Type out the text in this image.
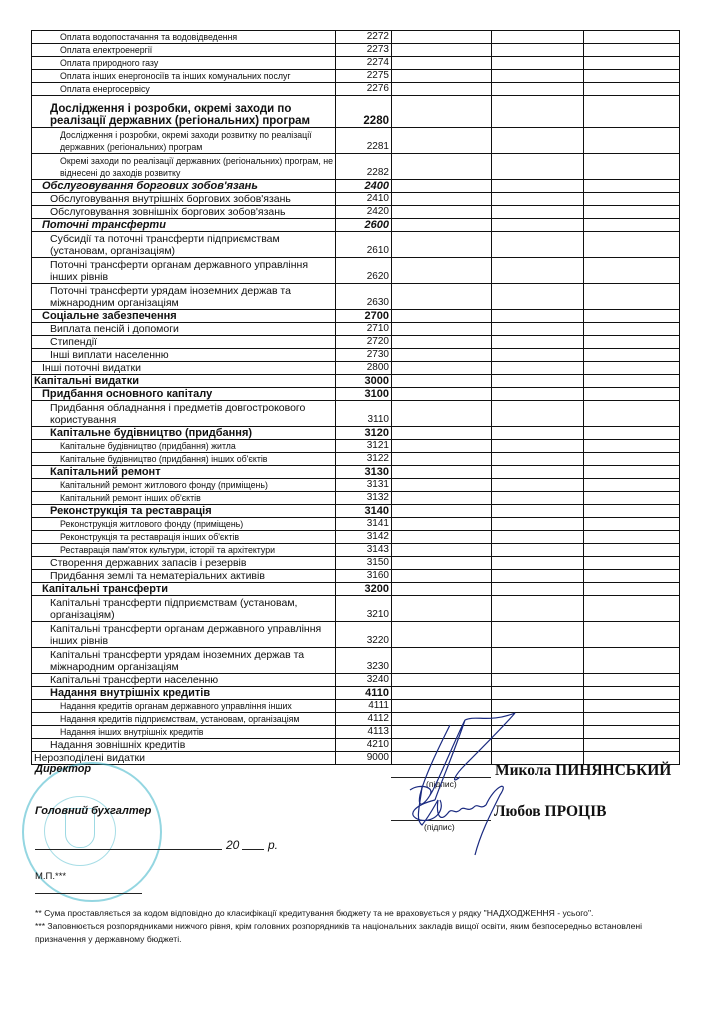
Оплата водопостачання та водовідведення	2272			
Оплата електроенергії	2273			
Оплата природного газу	2274			
Оплата інших енергоносіїв та інших комунальних послуг	2275			
Оплата енергосервісу	2276			
Дослідження і розробки, окремі заходи по реалізації державних (регіональних) програм	2280			
Дослідження і розробки, окремі заходи розвитку по реалізації державних (регіональних) програм	2281			
Окремі заходи по реалізації державних (регіональних) програм, не віднесені до заходів розвитку	2282			
Обслуговування боргових зобов'язань	2400			
Обслуговування внутрішніх боргових зобов'язань	2410			
Обслуговування зовнішніх боргових зобов'язань	2420			
Поточні трансферти	2600			
Субсидії та поточні трансферти підприємствам (установам, організаціям)	2610			
Поточні трансферти органам державного управління інших рівнів	2620			
Поточні трансферти урядам іноземних держав та міжнародним організаціям	2630			
Соціальне забезпечення	2700			
Виплата пенсій і допомоги	2710			
Стипендії	2720			
Інші виплати населенню	2730			
Інші поточні видатки	2800			
Капітальні видатки	3000			
Придбання основного капіталу	3100			
Придбання обладнання і предметів довгострокового користування	3110			
Капітальне будівництво (придбання)	3120			
Капітальне будівництво (придбання) житла	3121			
Капітальне будівництво (придбання) інших об'єктів	3122			
Капітальний ремонт	3130			
Капітальний ремонт житлового фонду (приміщень)	3131			
Капітальний ремонт інших об'єктів	3132			
Реконструкція та реставрація	3140			
Реконструкція житлового фонду (приміщень)	3141			
Реконструкція та реставрація інших об'єктів	3142			
Реставрація пам'яток культури, історії та архітектури	3143			
Створення державних запасів і резервів	3150			
Придбання землі та нематеріальних активів	3160			
Капітальні трансферти	3200			
Капітальні трансферти підприємствам (установам, організаціям)	3210			
Капітальні трансферти органам державного управління інших рівнів	3220			
Капітальні трансферти урядам іноземних держав та міжнародним організаціям	3230			
Капітальні трансферти населенню	3240			
Надання внутрішніх кредитів	4110			
Надання кредитів органам державного управління інших	4111			
Надання кредитів підприємствам, установам, організаціям	4112			
Надання інших внутрішніх кредитів	4113			
Надання зовнішніх кредитів	4210			
Нерозподілені видатки	9000			
Директор
Головний бухгалтер
20 р.
М.П.***
(підпис)
Микола ПИНЯНСЬКИЙ
(підпис)
Любов ПРОЦІВ
** Сума проставляється за кодом відповідно до класифікації кредитування бюджету та не враховується у рядку "НАДХОДЖЕННЯ - усього".
*** Заповнюється розпорядниками нижчого рівня, крім головних розпорядників та національних закладів вищої освіти, яким безпосередньо встановлені призначення у державному бюджеті.
